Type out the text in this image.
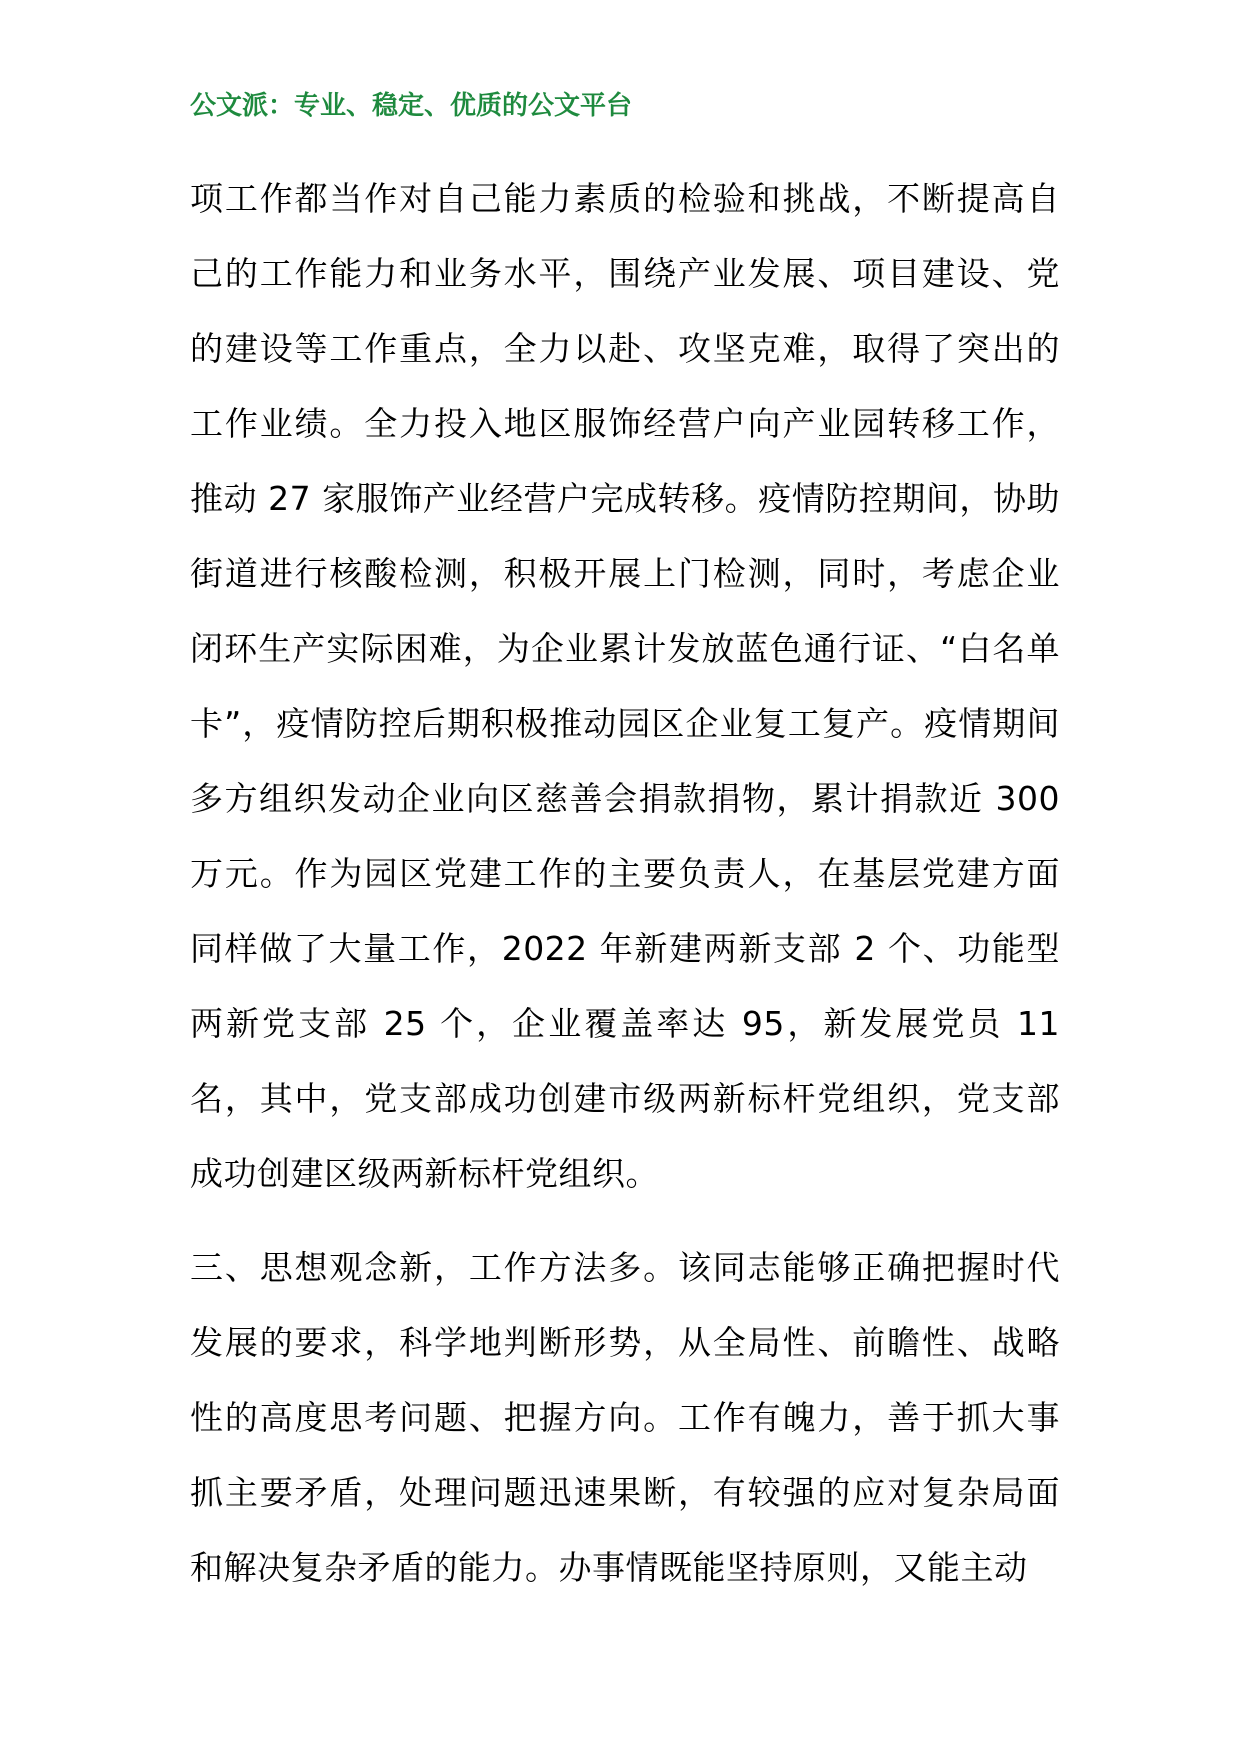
公文派：专业、稳定、优质的公文平台

项工作都当作对自己能力素质的检验和挑战，不断提高自己的工作能力和业务水平，围绕产业发展、项目建设、党的建设等工作重点，全力以赴、攻坚克难，取得了突出的工作业绩。全力投入地区服饰经营户向产业园转移工作，推动 27 家服饰产业经营户完成转移。疫情防控期间，协助街道进行核酸检测，积极开展上门检测，同时，考虑企业闭环生产实际困难，为企业累计发放蓝色通行证、“白名单卡”，疫情防控后期积极推动园区企业复工复产。疫情期间多方组织发动企业向区慈善会捐款捐物，累计捐款近 300 万元。作为园区党建工作的主要负责人，在基层党建方面同样做了大量工作，2022 年新建两新支部 2 个、功能型两新党支部 25 个，企业覆盖率达 95，新发展党员 11 名，其中，党支部成功创建市级两新标杆党组织，党支部成功创建区级两新标杆党组织。

三、思想观念新，工作方法多。该同志能够正确把握时代发展的要求，科学地判断形势，从全局性、前瞻性、战略性的高度思考问题、把握方向。工作有魄力，善于抓大事 抓主要矛盾，处理问题迅速果断，有较强的应对复杂局面和解决复杂矛盾的能力。办事情既能坚持原则，又能主动
